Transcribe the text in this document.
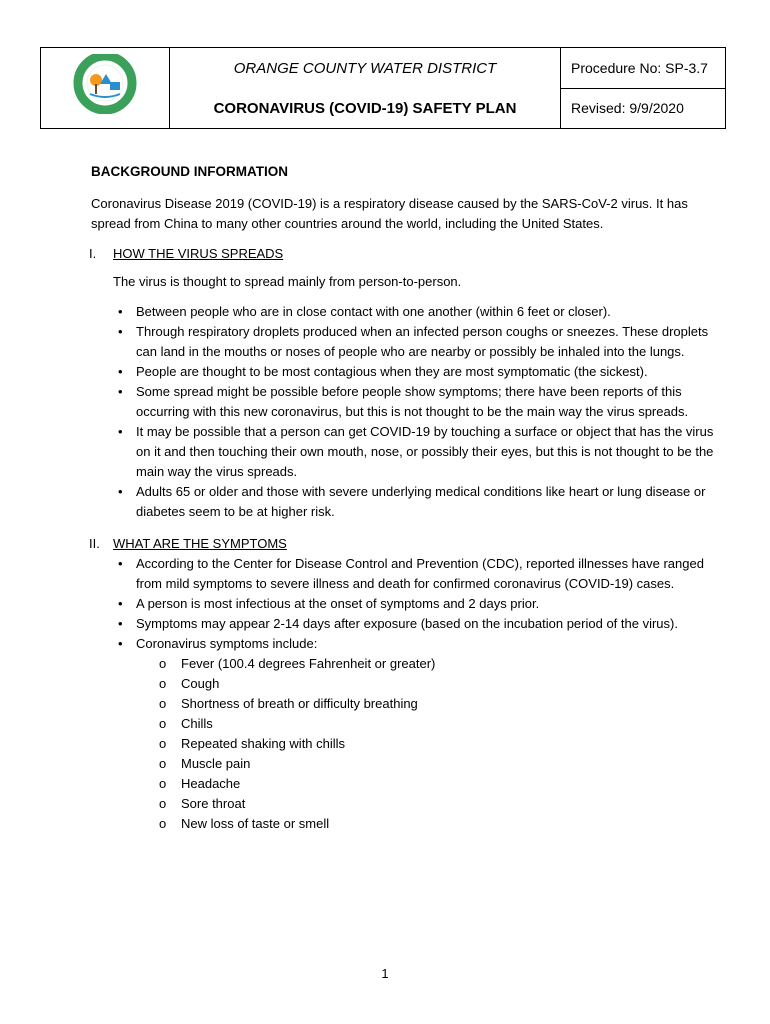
ORANGE COUNTY WATER DISTRICT
CORONAVIRUS (COVID-19) SAFETY PLAN

Procedure No: SP-3.7
Revised: 9/9/2020
BACKGROUND INFORMATION

Coronavirus Disease 2019 (COVID-19) is a respiratory disease caused by the SARS-CoV-2 virus. It has spread from China to many other countries around the world, including the United States.

I. HOW THE VIRUS SPREADS

The virus is thought to spread mainly from person-to-person.

• Between people who are in close contact with one another (within 6 feet or closer).
• Through respiratory droplets produced when an infected person coughs or sneezes. These droplets can land in the mouths or noses of people who are nearby or possibly be inhaled into the lungs.
• People are thought to be most contagious when they are most symptomatic (the sickest).
• Some spread might be possible before people show symptoms; there have been reports of this occurring with this new coronavirus, but this is not thought to be the main way the virus spreads.
• It may be possible that a person can get COVID-19 by touching a surface or object that has the virus on it and then touching their own mouth, nose, or possibly their eyes, but this is not thought to be the main way the virus spreads.
• Adults 65 or older and those with severe underlying medical conditions like heart or lung disease or diabetes seem to be at higher risk.
II. WHAT ARE THE SYMPTOMS
• According to the Center for Disease Control and Prevention (CDC), reported illnesses have ranged from mild symptoms to severe illness and death for confirmed coronavirus (COVID-19) cases.
• A person is most infectious at the onset of symptoms and 2 days prior.
• Symptoms may appear 2-14 days after exposure (based on the incubation period of the virus).
• Coronavirus symptoms include:
o Fever (100.4 degrees Fahrenheit or greater)
o Cough
o Shortness of breath or difficulty breathing
o Chills
o Repeated shaking with chills
o Muscle pain
o Headache
o Sore throat
o New loss of taste or smell
1
